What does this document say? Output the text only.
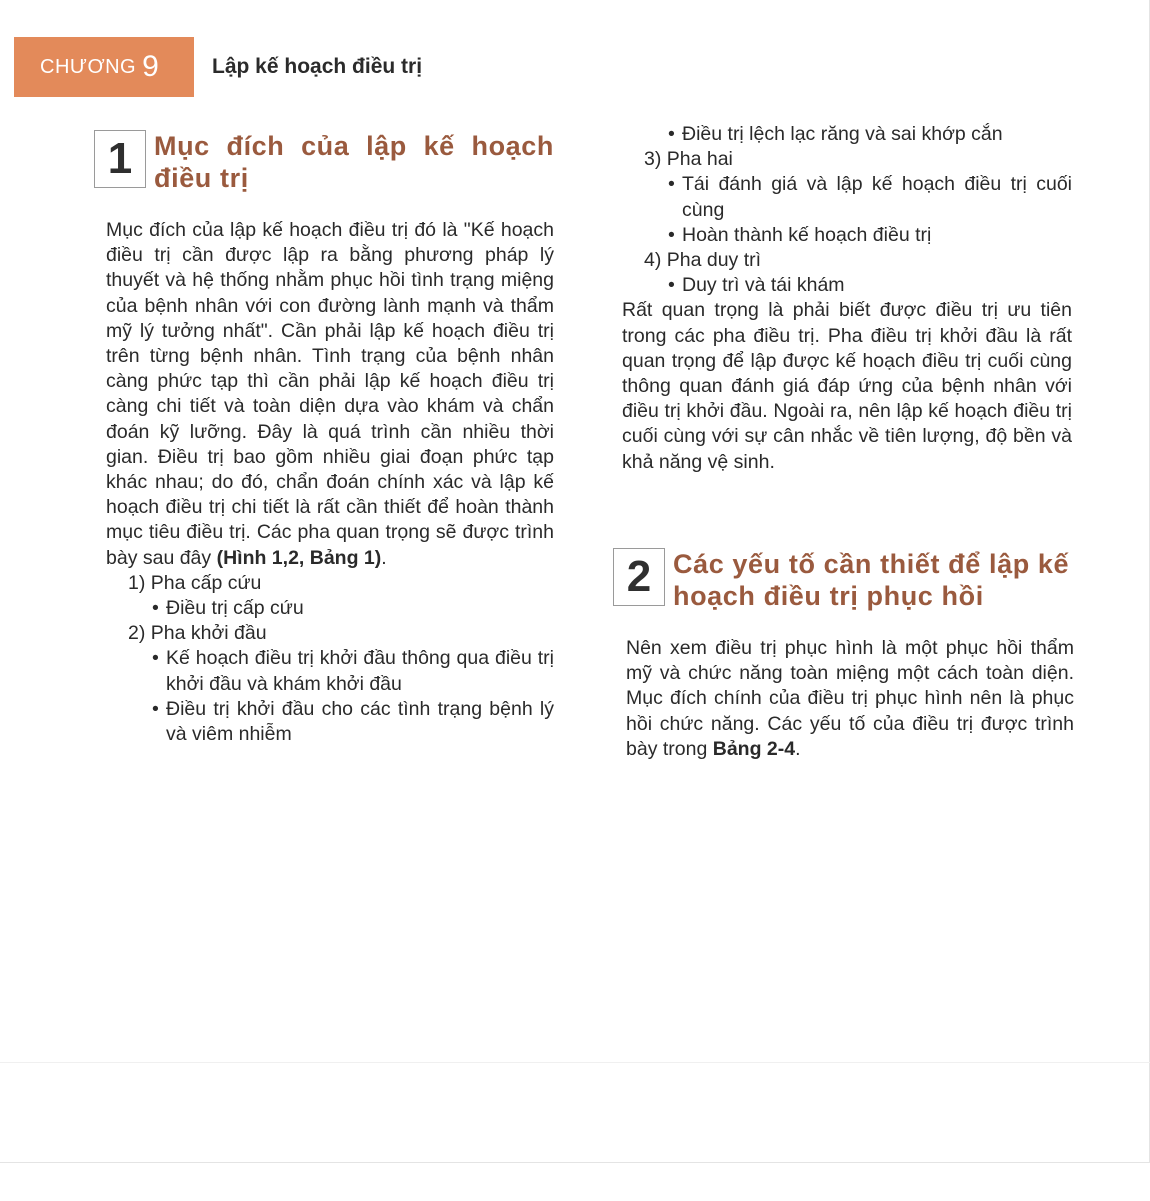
CHƯƠNG 9	Lập kế hoạch điều trị
1 Mục đích của lập kế hoạch điều trị

Mục đích của lập kế hoạch điều trị đó là "Kế hoạch điều trị cần được lập ra bằng phương pháp lý thuyết và hệ thống nhằm phục hồi tình trạng miệng của bệnh nhân với con đường lành mạnh và thẩm mỹ lý tưởng nhất". Cần phải lập kế hoạch điều trị trên từng bệnh nhân. Tình trạng của bệnh nhân càng phức tạp thì cần phải lập kế hoạch điều trị càng chi tiết và toàn diện dựa vào khám và chẩn đoán kỹ lưỡng. Đây là quá trình cần nhiều thời gian. Điều trị bao gồm nhiều giai đoạn phức tạp khác nhau; do đó, chẩn đoán chính xác và lập kế hoạch điều trị chi tiết là rất cần thiết để hoàn thành mục tiêu điều trị. Các pha quan trọng sẽ được trình bày sau đây (Hình 1,2, Bảng 1).

1) Pha cấp cứu
• Điều trị cấp cứu
2) Pha khởi đầu
• Kế hoạch điều trị khởi đầu thông qua điều trị khởi đầu và khám khởi đầu
• Điều trị khởi đầu cho các tình trạng bệnh lý và viêm nhiễm
• Điều trị lệch lạc răng và sai khớp cắn
3) Pha hai
• Tái đánh giá và lập kế hoạch điều trị cuối cùng
• Hoàn thành kế hoạch điều trị
4) Pha duy trì
• Duy trì và tái khám

Rất quan trọng là phải biết được điều trị ưu tiên trong các pha điều trị. Pha điều trị khởi đầu là rất quan trọng để lập được kế hoạch điều trị cuối cùng thông quan đánh giá đáp ứng của bệnh nhân với điều trị khởi đầu. Ngoài ra, nên lập kế hoạch điều trị cuối cùng với sự cân nhắc về tiên lượng, độ bền và khả năng vệ sinh.

2 Các yếu tố cần thiết để lập kế hoạch điều trị phục hồi

Nên xem điều trị phục hình là một phục hồi thẩm mỹ và chức năng toàn miệng một cách toàn diện. Mục đích chính của điều trị phục hình nên là phục hồi chức năng. Các yếu tố của điều trị được trình bày trong Bảng 2-4.
